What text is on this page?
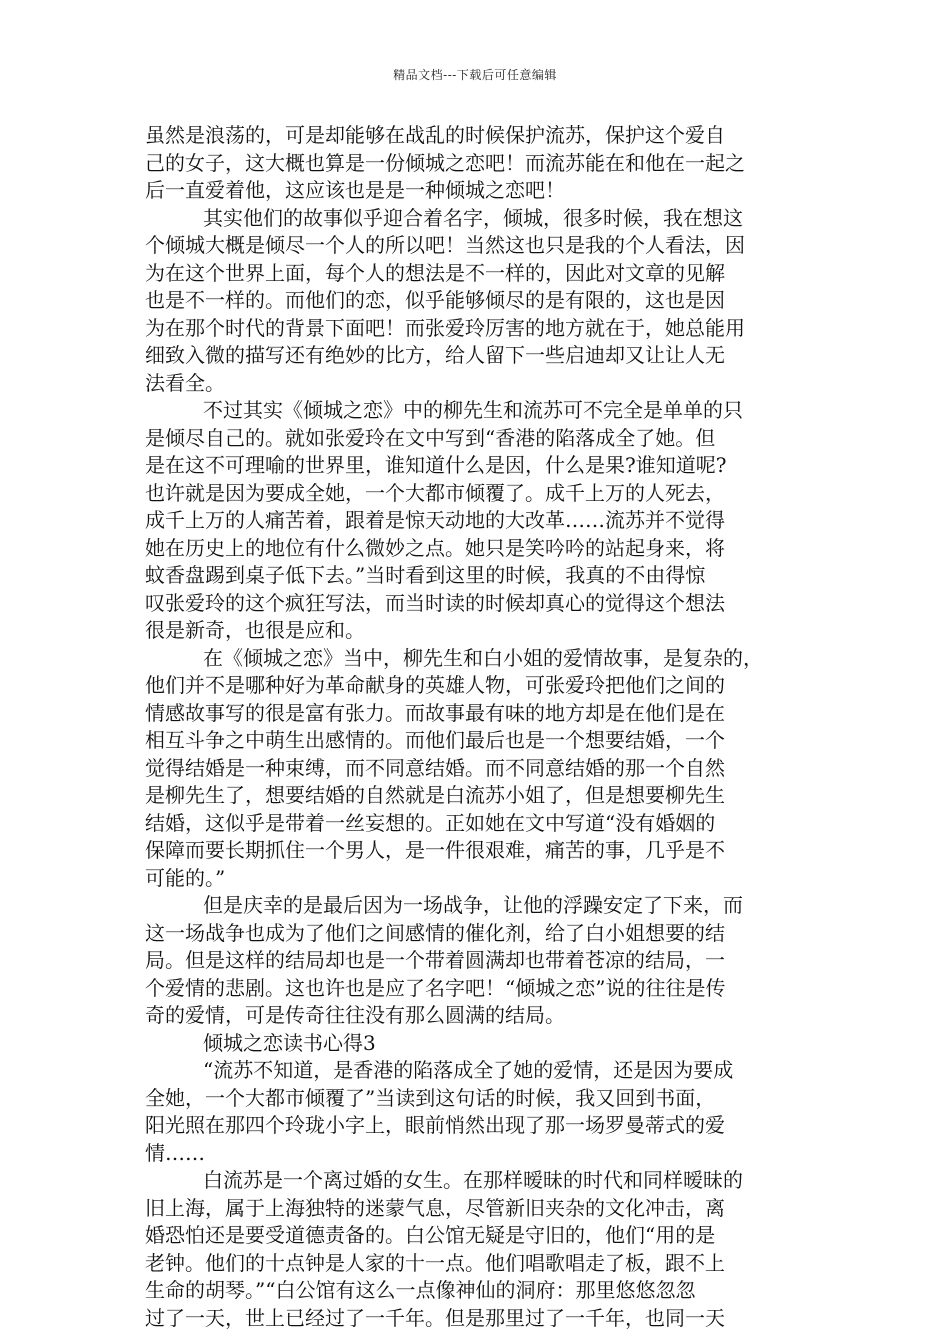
精品文档---下载后可任意编辑
虽然是浪荡的，可是却能够在战乱的时候保护流苏，保护这个爱自
己的女子，这大概也算是一份倾城之恋吧！而流苏能在和他在一起之
后一直爱着他，这应该也是是一种倾城之恋吧！
其实他们的故事似乎迎合着名字，倾城，很多时候，我在想这
个倾城大概是倾尽一个人的所以吧！当然这也只是我的个人看法，因
为在这个世界上面，每个人的想法是不一样的，因此对文章的见解
也是不一样的。而他们的恋，似乎能够倾尽的是有限的，这也是因
为在那个时代的背景下面吧！而张爱玲厉害的地方就在于，她总能用
细致入微的描写还有绝妙的比方，给人留下一些启迪却又让让人无
法看全。
不过其实《倾城之恋》中的柳先生和流苏可不完全是单单的只
是倾尽自己的。就如张爱玲在文中写到“香港的陷落成全了她。但
是在这不可理喻的世界里，谁知道什么是因，什么是果?谁知道呢?
也许就是因为要成全她，一个大都市倾覆了。成千上万的人死去，
成千上万的人痛苦着，跟着是惊天动地的大改革……流苏并不觉得
她在历史上的地位有什么微妙之点。她只是笑吟吟的站起身来，将
蚊香盘踢到桌子低下去。”当时看到这里的时候，我真的不由得惊
叹张爱玲的这个疯狂写法，而当时读的时候却真心的觉得这个想法
很是新奇，也很是应和。
在《倾城之恋》当中，柳先生和白小姐的爱情故事，是复杂的，
他们并不是哪种好为革命献身的英雄人物，可张爱玲把他们之间的
情感故事写的很是富有张力。而故事最有味的地方却是在他们是在
相互斗争之中萌生出感情的。而他们最后也是一个想要结婚，一个
觉得结婚是一种束缚，而不同意结婚。而不同意结婚的那一个自然
是柳先生了，想要结婚的自然就是白流苏小姐了，但是想要柳先生
结婚，这似乎是带着一丝妄想的。正如她在文中写道“没有婚姻的
保障而要长期抓住一个男人，是一件很艰难，痛苦的事，几乎是不
可能的。”
但是庆幸的是最后因为一场战争，让他的浮躁安定了下来，而
这一场战争也成为了他们之间感情的催化剂，给了白小姐想要的结
局。但是这样的结局却也是一个带着圆满却也带着苍凉的结局，一
个爱情的悲剧。这也许也是应了名字吧！“倾城之恋”说的往往是传
奇的爱情，可是传奇往往没有那么圆满的结局。
倾城之恋读书心得3
“流苏不知道，是香港的陷落成全了她的爱情，还是因为要成
全她，一个大都市倾覆了”当读到这句话的时候，我又回到书面，
阳光照在那四个玲珑小字上，眼前悄然出现了那一场罗曼蒂式的爱
情……
白流苏是一个离过婚的女生。在那样暧昧的时代和同样暧昧的
旧上海，属于上海独特的迷蒙气息，尽管新旧夹杂的文化冲击，离
婚恐怕还是要受道德责备的。白公馆无疑是守旧的，他们“用的是
老钟。他们的十点钟是人家的十一点。他们唱歌唱走了板，跟不上
生命的胡琴。”“白公馆有这么一点像神仙的洞府：那里悠悠忽忽
过了一天，世上已经过了一千年。但是那里过了一千年，也同一天
